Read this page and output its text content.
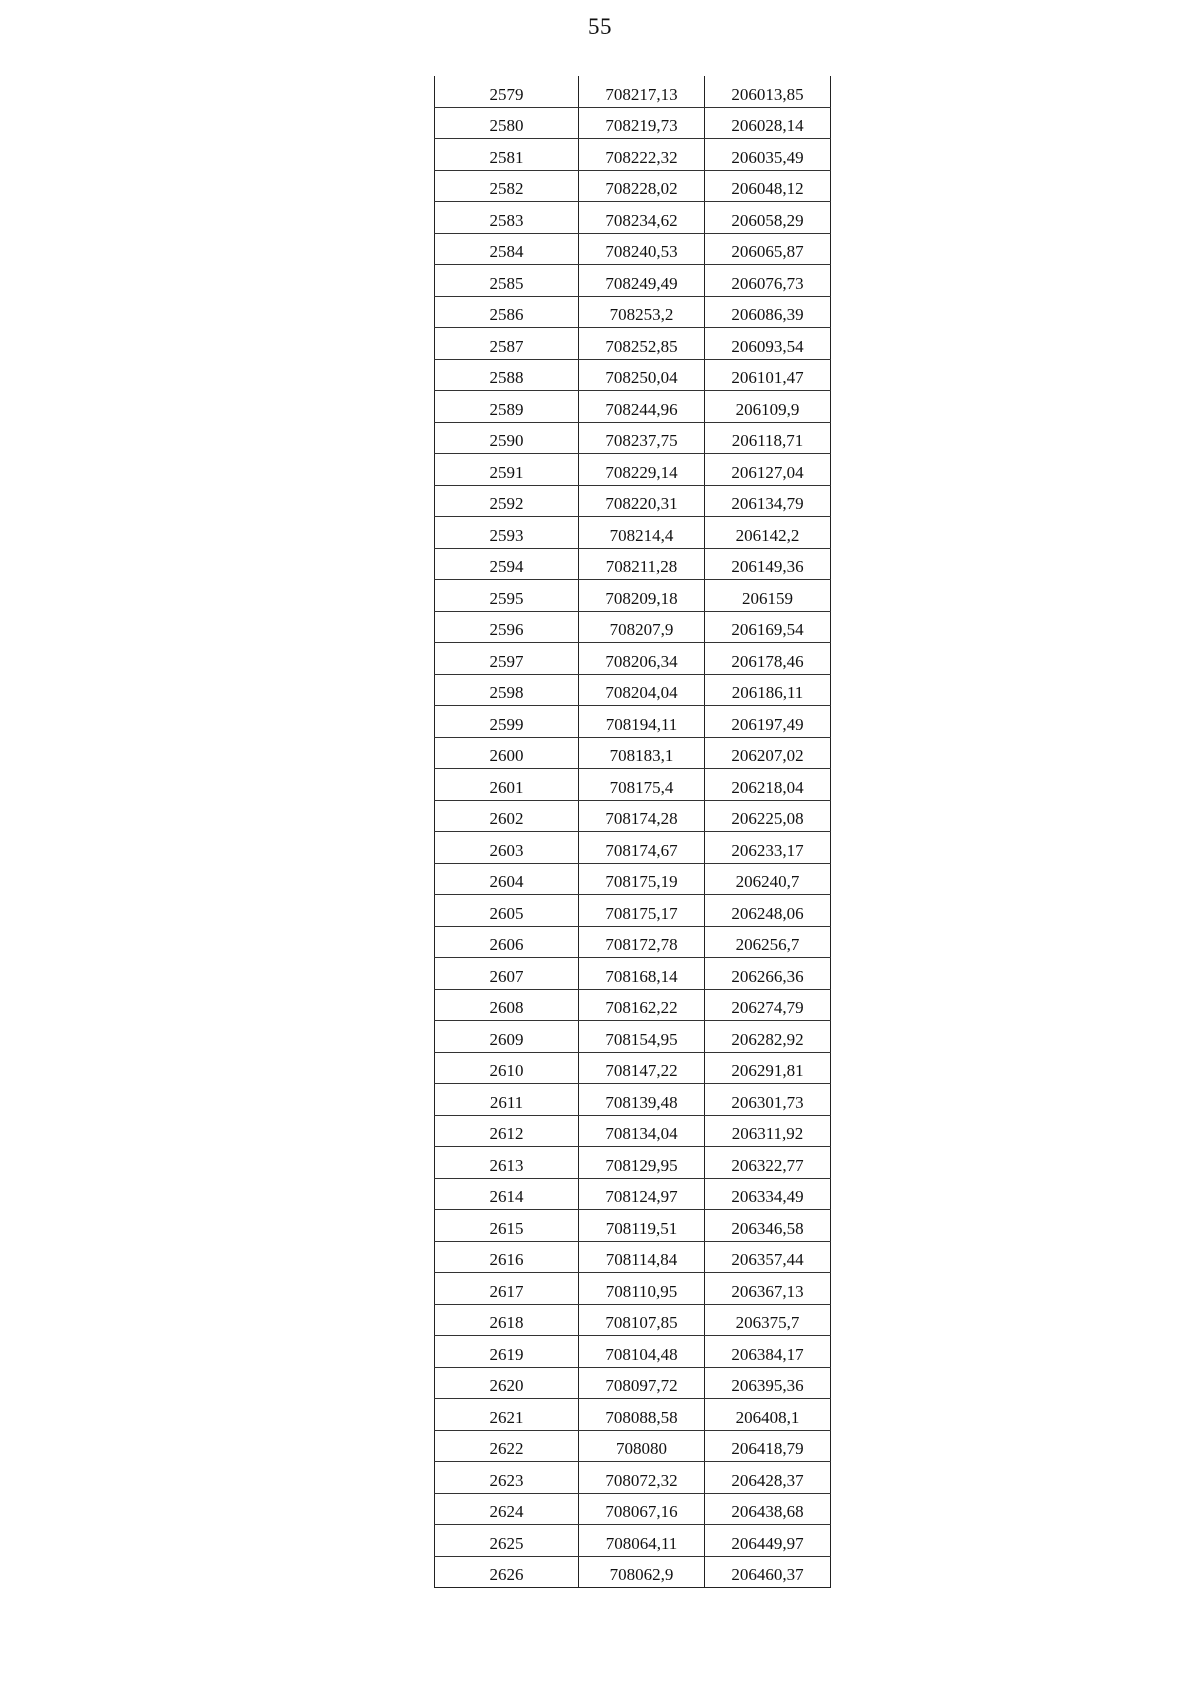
55
2579	708217,13	206013,85
2580	708219,73	206028,14
2581	708222,32	206035,49
2582	708228,02	206048,12
2583	708234,62	206058,29
2584	708240,53	206065,87
2585	708249,49	206076,73
2586	708253,2	206086,39
2587	708252,85	206093,54
2588	708250,04	206101,47
2589	708244,96	206109,9
2590	708237,75	206118,71
2591	708229,14	206127,04
2592	708220,31	206134,79
2593	708214,4	206142,2
2594	708211,28	206149,36
2595	708209,18	206159
2596	708207,9	206169,54
2597	708206,34	206178,46
2598	708204,04	206186,11
2599	708194,11	206197,49
2600	708183,1	206207,02
2601	708175,4	206218,04
2602	708174,28	206225,08
2603	708174,67	206233,17
2604	708175,19	206240,7
2605	708175,17	206248,06
2606	708172,78	206256,7
2607	708168,14	206266,36
2608	708162,22	206274,79
2609	708154,95	206282,92
2610	708147,22	206291,81
2611	708139,48	206301,73
2612	708134,04	206311,92
2613	708129,95	206322,77
2614	708124,97	206334,49
2615	708119,51	206346,58
2616	708114,84	206357,44
2617	708110,95	206367,13
2618	708107,85	206375,7
2619	708104,48	206384,17
2620	708097,72	206395,36
2621	708088,58	206408,1
2622	708080	206418,79
2623	708072,32	206428,37
2624	708067,16	206438,68
2625	708064,11	206449,97
2626	708062,9	206460,37
